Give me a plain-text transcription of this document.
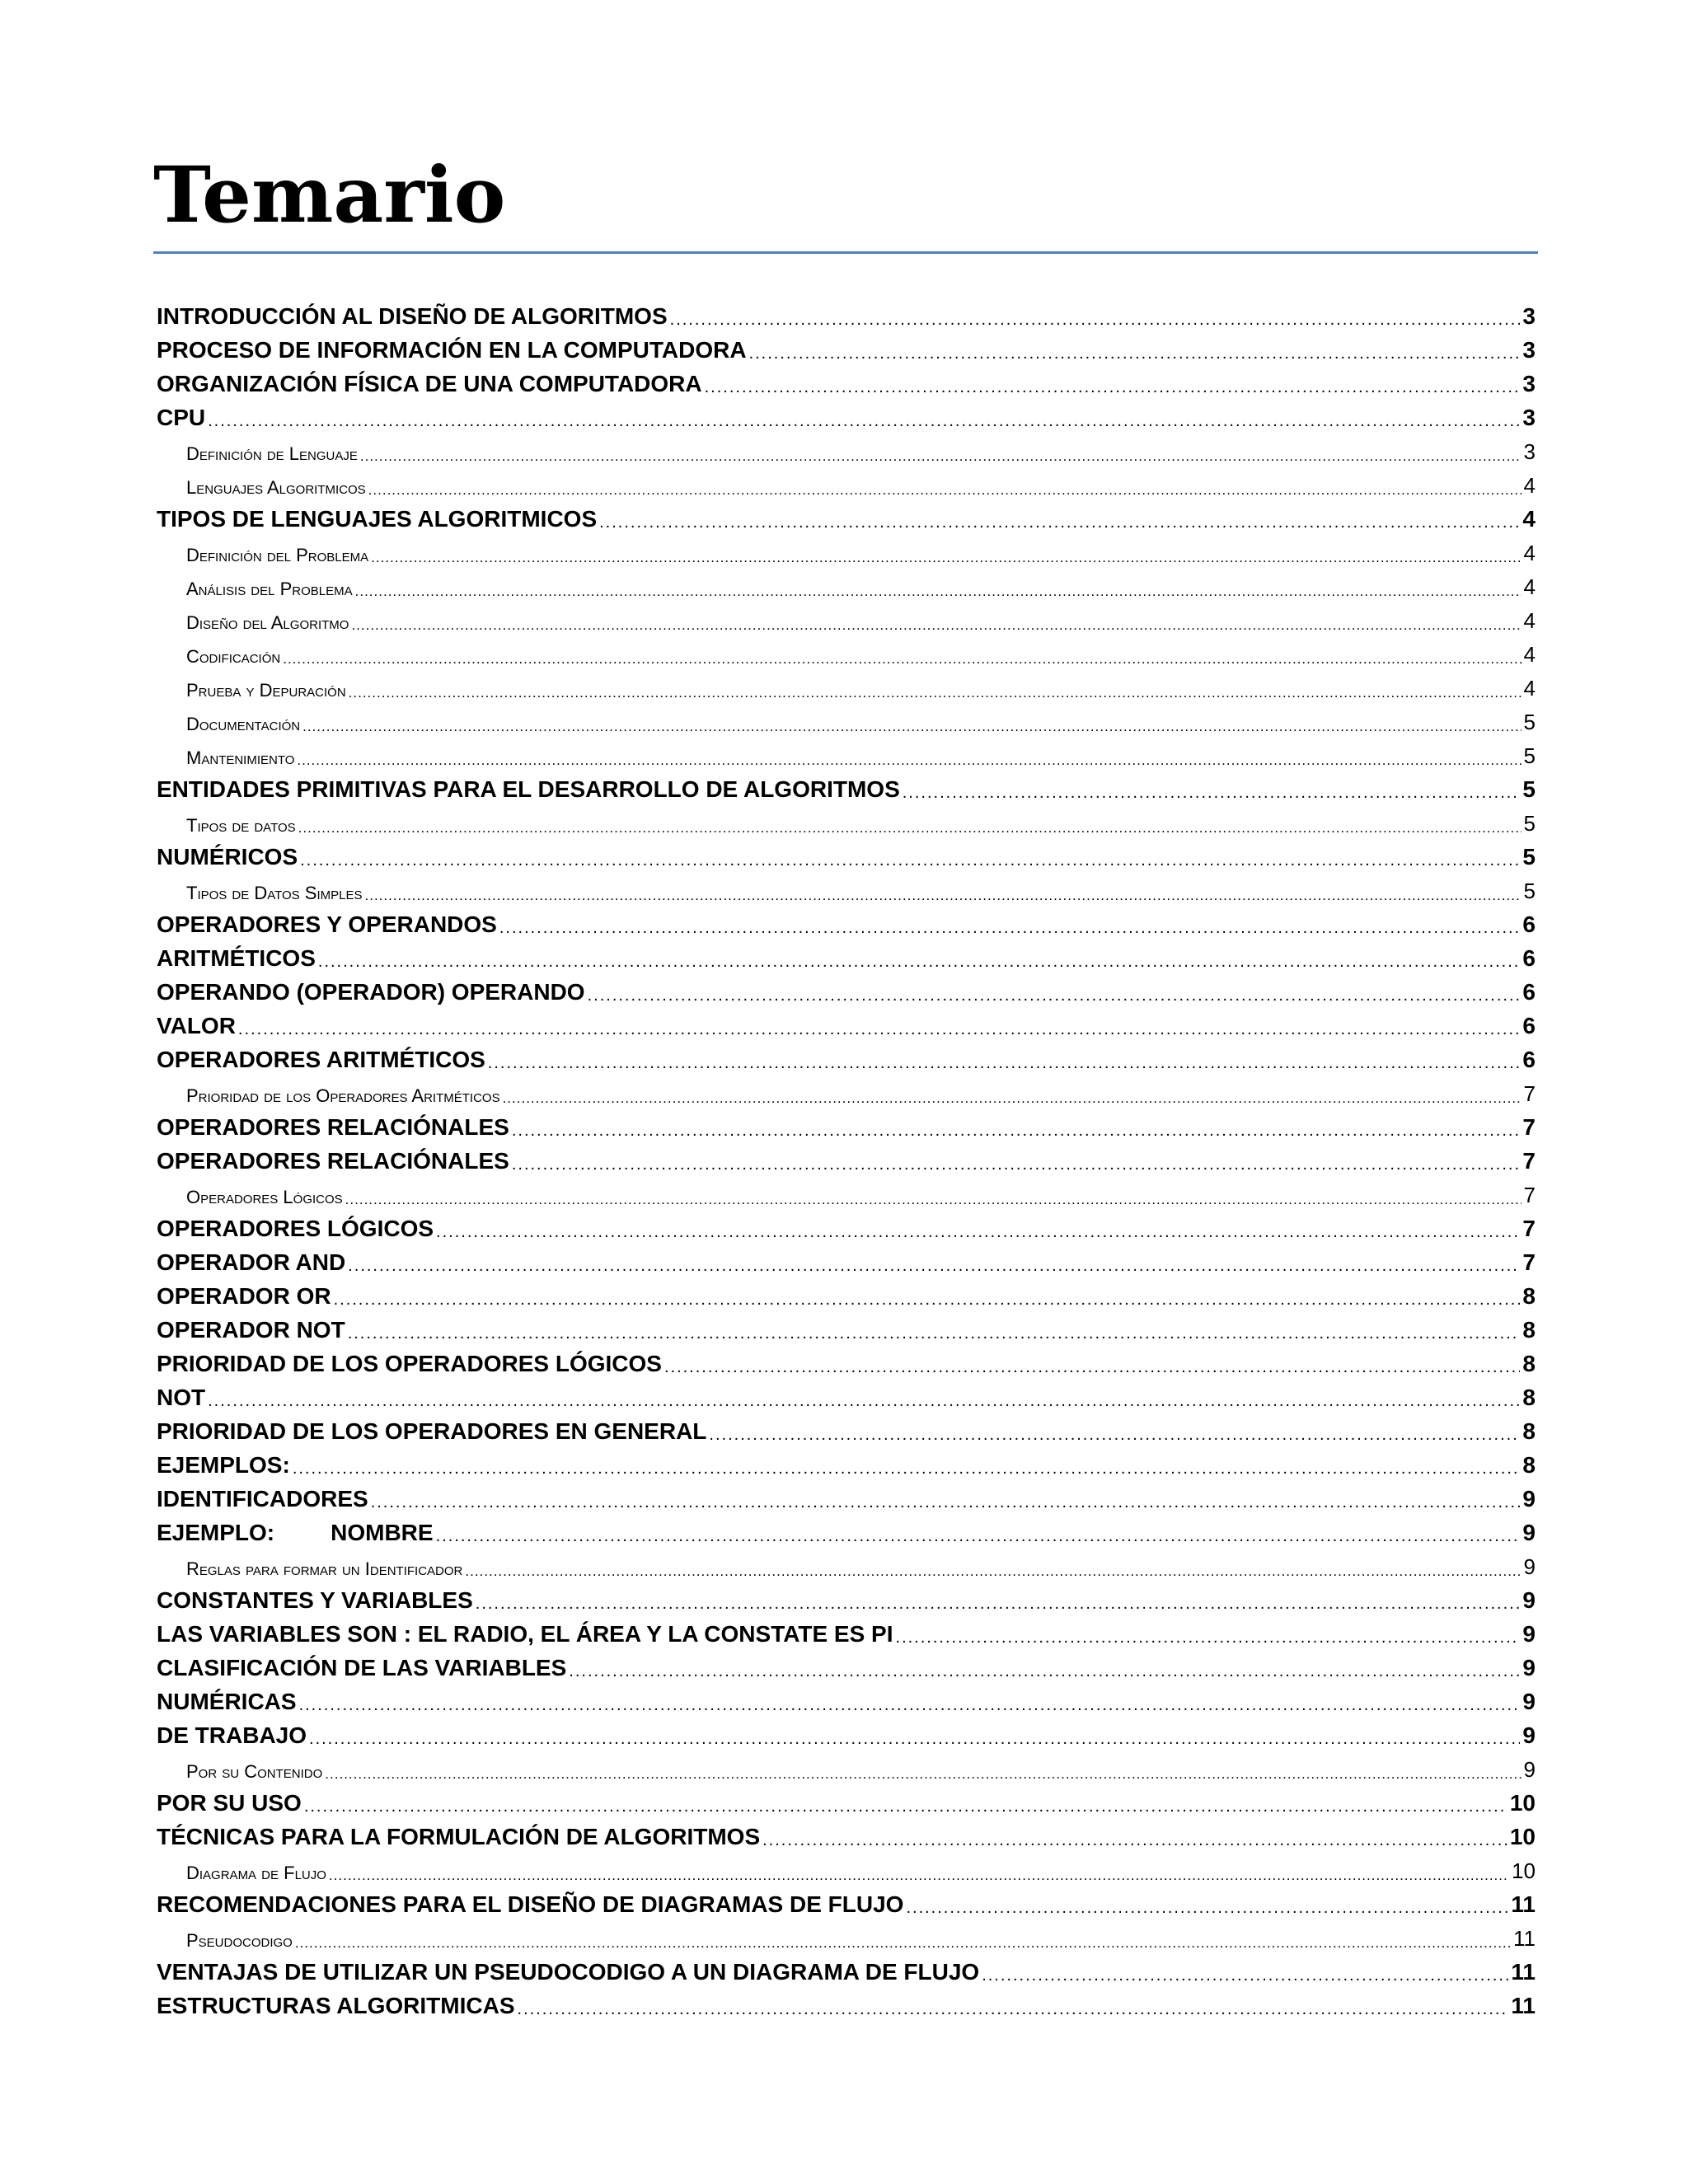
Temario
INTRODUCCIÓN AL DISEÑO DE ALGORITMOS .....	3
PROCESO DE INFORMACIÓN EN LA COMPUTADORA .....	3
ORGANIZACIÓN FÍSICA DE UNA COMPUTADORA .....	3
CPU .....	3
Definición de Lenguaje .....	3
Lenguajes Algoritmicos .....	4
TIPOS DE LENGUAJES ALGORITMICOS .....	4
Definición del Problema .....	4
Análisis del Problema .....	4
Diseño del Algoritmo .....	4
Codificación .....	4
Prueba y Depuración .....	4
Documentación .....	5
Mantenimiento .....	5
ENTIDADES PRIMITIVAS PARA EL DESARROLLO DE ALGORITMOS .....	5
Tipos de datos .....	5
NUMÉRICOS .....	5
Tipos de Datos Simples .....	5
OPERADORES Y OPERANDOS .....	6
ARITMÉTICOS .....	6
OPERANDO (OPERADOR) OPERANDO .....	6
VALOR .....	6
OPERADORES ARITMÉTICOS .....	6
Prioridad de los Operadores Aritméticos .....	7
OPERADORES RELACIÓNALES .....	7
OPERADORES RELACIÓNALES .....	7
Operadores Lógicos .....	7
OPERADORES LÓGICOS .....	7
OPERADOR AND .....	7
OPERADOR OR .....	8
OPERADOR NOT .....	8
PRIORIDAD DE LOS OPERADORES LÓGICOS .....	8
NOT .....	8
PRIORIDAD DE LOS OPERADORES EN GENERAL .....	8
EJEMPLOS: .....	8
IDENTIFICADORES .....	9
EJEMPLO: NOMBRE .....	9
Reglas para formar un Identificador .....	9
CONSTANTES Y VARIABLES .....	9
LAS VARIABLES SON : EL RADIO, EL ÁREA Y LA CONSTATE ES PI .....	9
CLASIFICACIÓN DE LAS VARIABLES .....	9
NUMÉRICAS .....	9
DE TRABAJO .....	9
Por su Contenido .....	9
POR SU USO .....	10
TÉCNICAS PARA LA FORMULACIÓN DE ALGORITMOS .....	10
Diagrama de Flujo .....	10
RECOMENDACIONES PARA EL DISEÑO DE DIAGRAMAS DE FLUJO .....	11
Pseudocodigo .....	11
VENTAJAS DE UTILIZAR UN PSEUDOCODIGO A UN DIAGRAMA DE FLUJO .....	11
ESTRUCTURAS ALGORITMICAS .....	11
